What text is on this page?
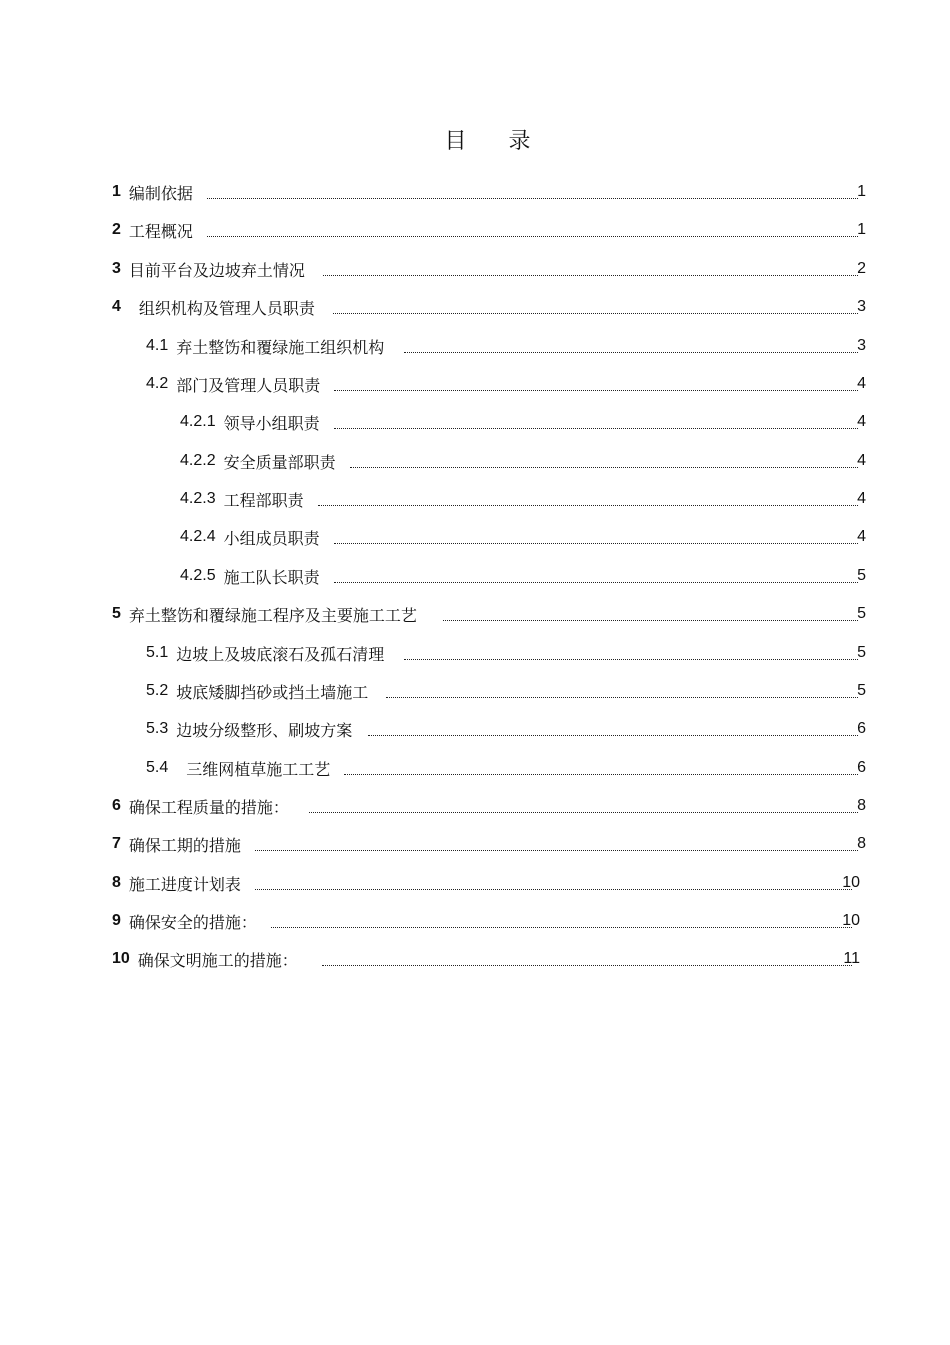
目 录
1 编制依据	1
2 工程概况	1
3 目前平台及边坡弃土情况	2
4 组织机构及管理人员职责	3
4.1 弃土整饬和覆绿施工组织机构	3
4.2 部门及管理人员职责	4
4.2.1 领导小组职责	4
4.2.2 安全质量部职责	4
4.2.3 工程部职责	4
4.2.4 小组成员职责	4
4.2.5 施工队长职责	5
5 弃土整饬和覆绿施工程序及主要施工工艺	5
5.1 边坡上及坡底滚石及孤石清理	5
5.2 坡底矮脚挡砂或挡土墙施工	5
5.3 边坡分级整形、刷坡方案	6
5.4 三维网植草施工工艺	6
6 确保工程质量的措施：	8
7 确保工期的措施	8
8 施工进度计划表	10
9 确保安全的措施：	10
10 确保文明施工的措施：	11
